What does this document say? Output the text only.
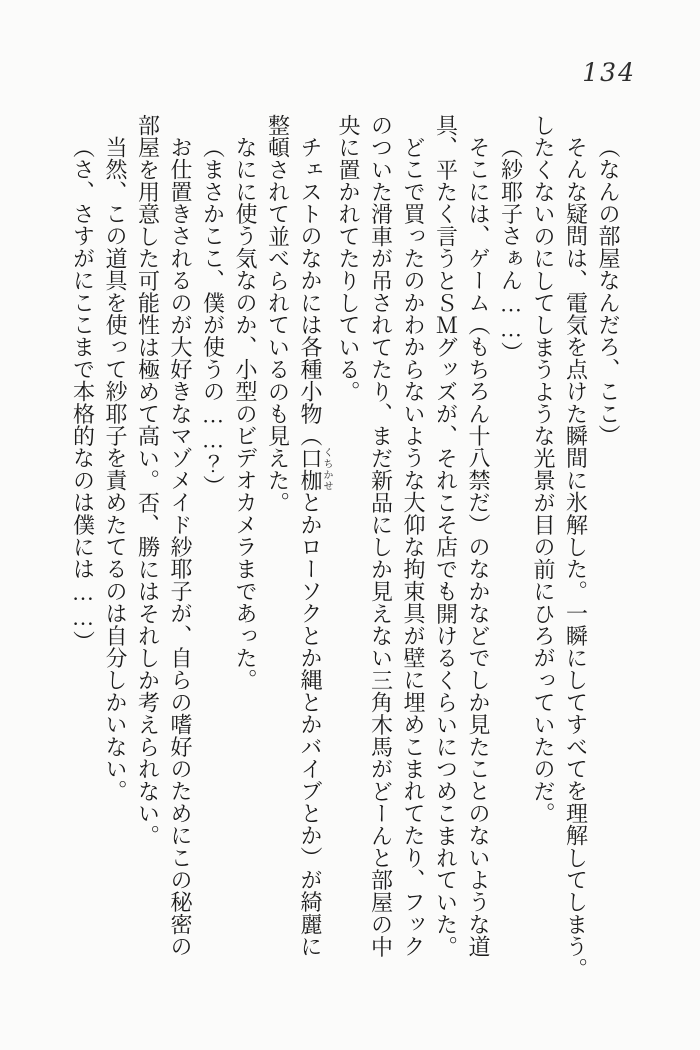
134

（なんの部屋なんだろ、ここ）

そんな疑問は、電気を点けた瞬間に氷解した。一瞬にしてすべてを理解してしまう。

したくないのにしてしまうような光景が目の前にひろがっていたのだ。

（紗耶子さぁん……）

そこには、ゲーム（もちろん十八禁だ）のなかなどでしか見たことのないような道

具、平たく言うとＳＭグッズが、それこそ店でも開けるくらいにつめこまれていた。

どこで買ったのかわからないような大仰な拘束具が壁に埋めこまれてたり、フック

のついた滑車が吊されてたり、まだ新品にしか見えない三角木馬がどーんと部屋の中

央に置かれてたりしている。

チェストのなかには各種小物（口枷くちかせとかローソクとか縄とかバイブとか）が綺麗に

整頓されて並べられているのも見えた。

なにに使う気なのか、小型のビデオカメラまであった。

（まさかここ、僕が使うの……？）

お仕置きされるのが大好きなマゾメイド紗耶子が、自らの嗜好のためにこの秘密の

部屋を用意した可能性は極めて高い。否、勝にはそれしか考えられない。

当然、この道具を使って紗耶子を責めたてるのは自分しかいない。

（さ、さすがにここまで本格的なのは僕には……）
